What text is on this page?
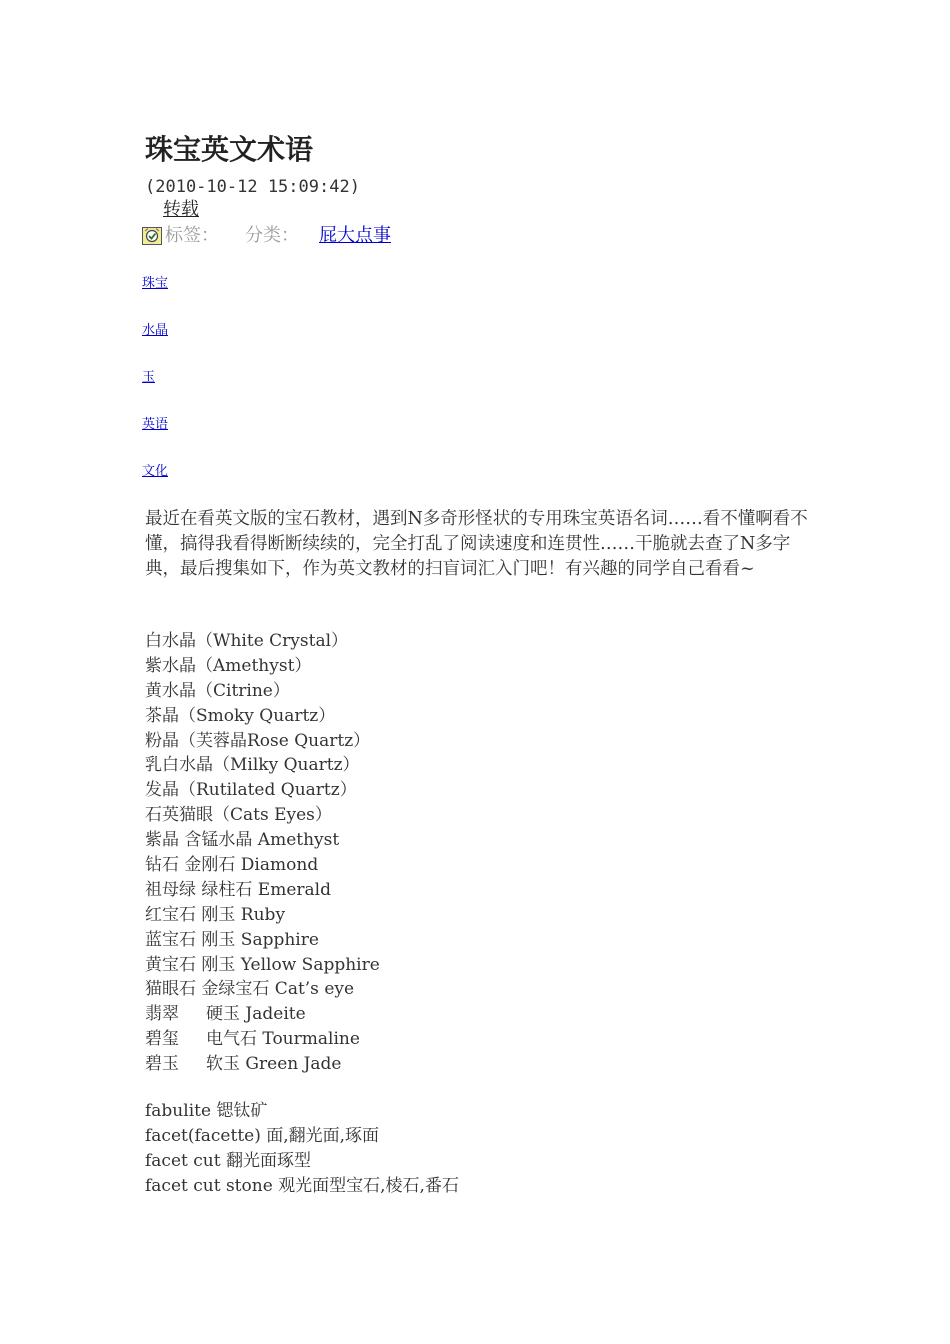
珠宝英文术语
(2010-10-12 15:09:42)
转载
标签： 分类： 屁大点事
珠宝
水晶
玉
英语
文化

最近在看英文版的宝石教材，遇到N多奇形怪状的专用珠宝英语名词……看不懂啊看不懂，搞得我看得断断续续的，完全打乱了阅读速度和连贯性……干脆就去查了N多字典，最后搜集如下，作为英文教材的扫盲词汇入门吧！有兴趣的同学自己看看~

白水晶（White Crystal）
紫水晶（Amethyst）
黄水晶（Citrine）
茶晶（Smoky Quartz）
粉晶（芙蓉晶Rose Quartz）
乳白水晶（Milky Quartz）
发晶（Rutilated Quartz）
石英猫眼（Cats Eyes）
紫晶 含锰水晶 Amethyst
钻石 金刚石 Diamond
祖母绿 绿柱石 Emerald
红宝石 刚玉 Ruby
蓝宝石 刚玉 Sapphire
黄宝石 刚玉 Yellow Sapphire
猫眼石 金绿宝石 Cat’s eye
翡翠     硬玉 Jadeite
碧玺     电气石 Tourmaline
碧玉     软玉 Green Jade
fabulite 锶钛矿
facet(facette) 面,翻光面,琢面
facet cut 翻光面琢型
facet cut stone 观光面型宝石,棱石,番石
